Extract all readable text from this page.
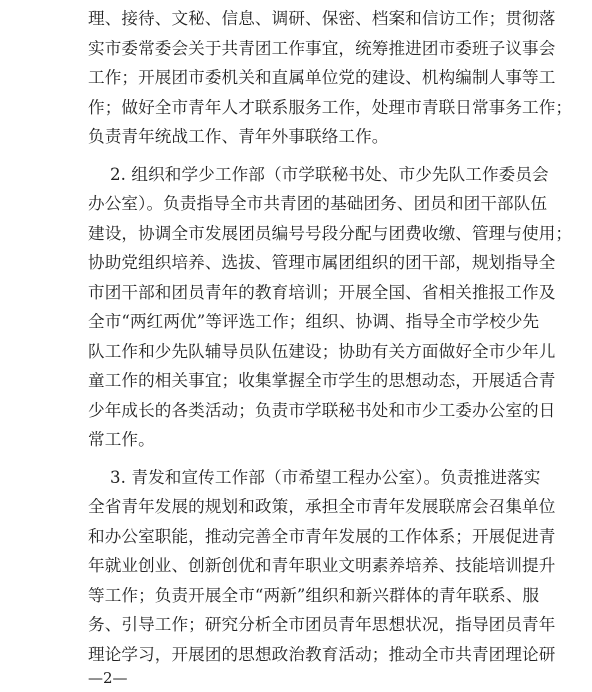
理、接待、文秘、信息、调研、保密、档案和信访工作；贯彻落
实市委常委会关于共青团工作事宜，统筹推进团市委班子议事会
工作；开展团市委机关和直属单位党的建设、机构编制人事等工
作；做好全市青年人才联系服务工作，处理市青联日常事务工作；
负责青年统战工作、青年外事联络工作。
2. 组织和学少工作部（市学联秘书处、市少先队工作委员会
办公室）。负责指导全市共青团的基础团务、团员和团干部队伍
建设，协调全市发展团员编号号段分配与团费收缴、管理与使用；
协助党组织培养、选拔、管理市属团组织的团干部，规划指导全
市团干部和团员青年的教育培训；开展全国、省相关推报工作及
全市“两红两优”等评选工作；组织、协调、指导全市学校少先
队工作和少先队辅导员队伍建设；协助有关方面做好全市少年儿
童工作的相关事宜；收集掌握全市学生的思想动态，开展适合青
少年成长的各类活动；负责市学联秘书处和市少工委办公室的日
常工作。
3. 青发和宣传工作部（市希望工程办公室）。负责推进落实
全省青年发展的规划和政策，承担全市青年发展联席会召集单位
和办公室职能，推动完善全市青年发展的工作体系；开展促进青
年就业创业、创新创优和青年职业文明素养培养、技能培训提升
等工作；负责开展全市“两新”组织和新兴群体的青年联系、服
务、引导工作；研究分析全市团员青年思想状况，指导团员青年
理论学习，开展团的思想政治教育活动；推动全市共青团理论研
—2—
